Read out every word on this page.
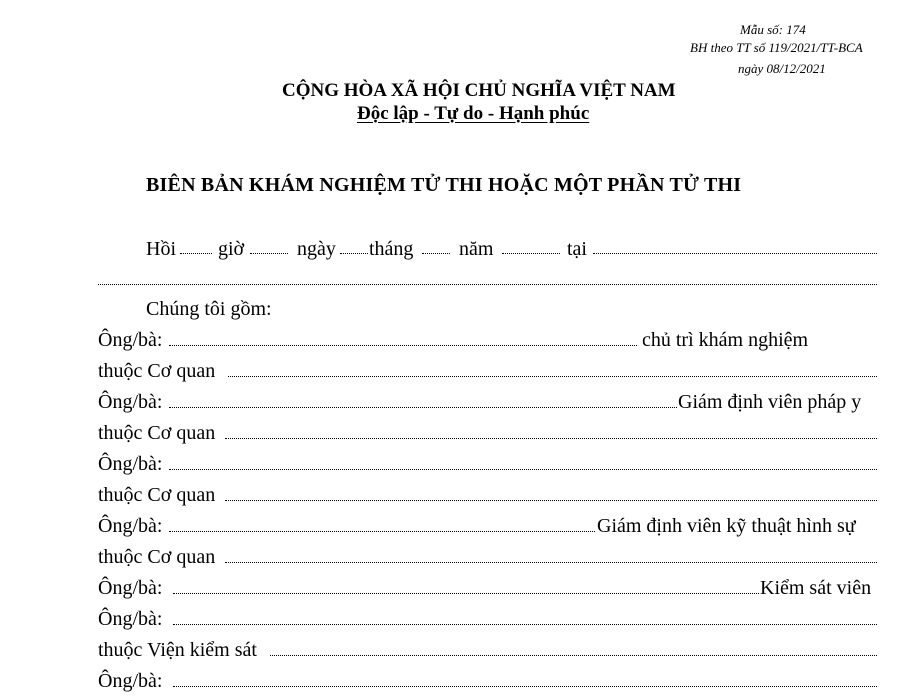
Mẫu số: 174
BH theo TT số 119/2021/TT-BCA
ngày 08/12/2021
CỘNG HÒA XÃ HỘI CHỦ NGHĨA VIỆT NAM
Độc lập - Tự do - Hạnh phúc
BIÊN BẢN KHÁM NGHIỆM TỬ THI HOẶC MỘT PHẦN TỬ THI
Hồi giờ	ngày tháng năm	tại
Chúng tôi gồm:
Ông/bà:	chủ trì khám nghiệm
thuộc Cơ quan
Ông/bà:	Giám định viên pháp y
thuộc Cơ quan
Ông/bà:
thuộc Cơ quan
Ông/bà:	Giám định viên kỹ thuật hình sự
thuộc Cơ quan
Ông/bà:	Kiểm sát viên
Ông/bà:
thuộc Viện kiểm sát
Ông/bà:
